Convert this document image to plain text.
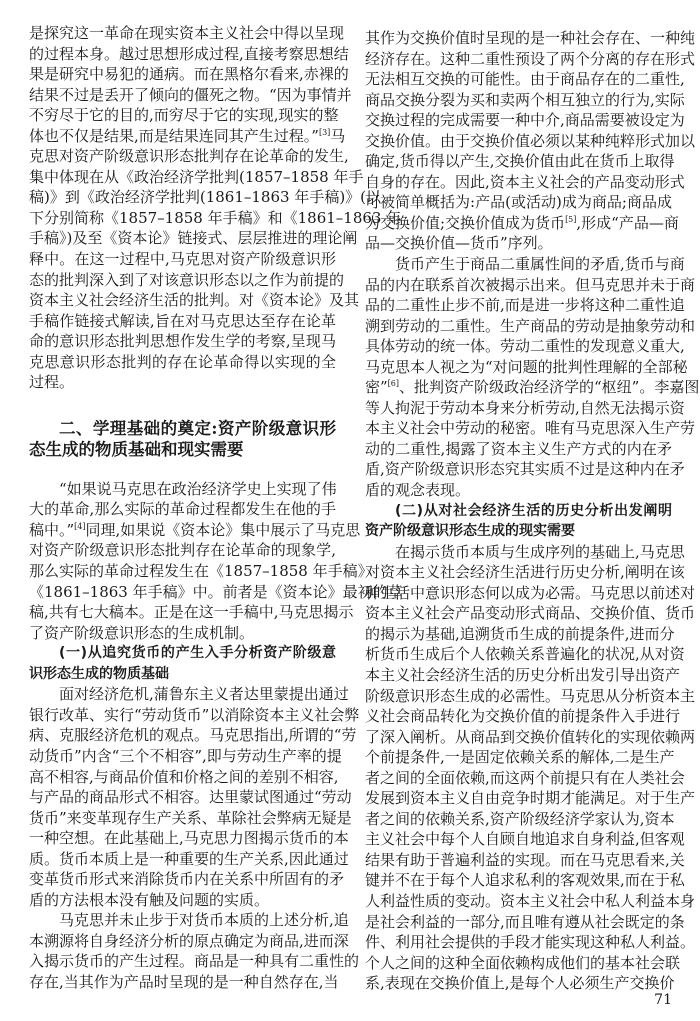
是探究这一革命在现实资本主义社会中得以呈现
的过程本身。越过思想形成过程,直接考察思想结
果是研究中易犯的通病。而在黑格尔看来,赤裸的
结果不过是丢开了倾向的僵死之物。“因为事情并
不穷尽于它的目的,而穷尽于它的实现,现实的整
体也不仅是结果,而是结果连同其产生过程。”[3]马
克思对资产阶级意识形态批判存在论革命的发生,
集中体现在从《政治经济学批判(1857–1858 年手
稿)》到《政治经济学批判(1861–1863 年手稿)》(以
下分别简称《1857–1858 年手稿》和《1861–1863 年
手稿》)及至《资本论》链接式、层层推进的理论阐
释中。在这一过程中,马克思对资产阶级意识形
态的批判深入到了对该意识形态以之作为前提的
资本主义社会经济生活的批判。对《资本论》及其
手稿作链接式解读,旨在对马克思达至存在论革
命的意识形态批判思想作发生学的考察,呈现马
克思意识形态批判的存在论革命得以实现的全
过程。
二、学理基础的奠定:资产阶级意识形
态生成的物质基础和现实需要
“如果说马克思在政治经济学史上实现了伟
大的革命,那么实际的革命过程都发生在他的手
稿中。”[4]同理,如果说《资本论》集中展示了马克思
对资产阶级意识形态批判存在论革命的现象学,
那么实际的革命过程发生在《1857–1858 年手稿》
《1861–1863 年手稿》中。前者是《资本论》最初的草
稿,共有七大稿本。正是在这一手稿中,马克思揭示
了资产阶级意识形态的生成机制。
(一)从追究货币的产生入手分析资产阶级意
识形态生成的物质基础
面对经济危机,蒲鲁东主义者达里蒙提出通过
银行改革、实行“劳动货币”以消除资本主义社会弊
病、克服经济危机的观点。马克思指出,所谓的“劳
动货币”内含“三个不相容”,即与劳动生产率的提
高不相容,与商品价值和价格之间的差别不相容,
与产品的商品形式不相容。达里蒙试图通过“劳动
货币”来变革现存生产关系、革除社会弊病无疑是
一种空想。在此基础上,马克思力图揭示货币的本
质。货币本质上是一种重要的生产关系,因此通过
变革货币形式来消除货币内在关系中所固有的矛
盾的方法根本没有触及问题的实质。
马克思并未止步于对货币本质的上述分析,追
本溯源将自身经济分析的原点确定为商品,进而深
入揭示货币的产生过程。商品是一种具有二重性的
存在,当其作为产品时呈现的是一种自然存在,当
其作为交换价值时呈现的是一种社会存在、一种纯
经济存在。这种二重性预设了两个分离的存在形式
无法相互交换的可能性。由于商品存在的二重性,
商品交换分裂为买和卖两个相互独立的行为,实际
交换过程的完成需要一种中介,商品需要被设定为
交换价值。由于交换价值必须以某种纯粹形式加以
确定,货币得以产生,交换价值由此在货币上取得
自身的存在。因此,资本主义社会的产品变动形式
可被简单概括为:产品(或活动)成为商品;商品成
为交换价值;交换价值成为货币[5],形成“产品—商
品—交换价值—货币”序列。
货币产生于商品二重属性间的矛盾,货币与商
品的内在联系首次被揭示出来。但马克思并未于商
品的二重性止步不前,而是进一步将这种二重性追
溯到劳动的二重性。生产商品的劳动是抽象劳动和
具体劳动的统一体。劳动二重性的发现意义重大,
马克思本人视之为“对问题的批判性理解的全部秘
密”[6]、批判资产阶级政治经济学的“枢纽”。李嘉图
等人拘泥于劳动本身来分析劳动,自然无法揭示资
本主义社会中劳动的秘密。唯有马克思深入生产劳
动的二重性,揭露了资本主义生产方式的内在矛
盾,资产阶级意识形态究其实质不过是这种内在矛
盾的观念表现。
(二)从对社会经济生活的历史分析出发阐明
资产阶级意识形态生成的现实需要
在揭示货币本质与生成序列的基础上,马克思
对资本主义社会经济生活进行历史分析,阐明在该
种生活中意识形态何以成为必需。马克思以前述对
资本主义社会产品变动形式商品、交换价值、货币
的揭示为基础,追溯货币生成的前提条件,进而分
析货币生成后个人依赖关系普遍化的状况,从对资
本主义社会经济生活的历史分析出发引导出资产
阶级意识形态生成的必需性。马克思从分析资本主
义社会商品转化为交换价值的前提条件入手进行
了深入阐析。从商品到交换价值转化的实现依赖两
个前提条件,一是固定依赖关系的解体,二是生产
者之间的全面依赖,而这两个前提只有在人类社会
发展到资本主义自由竞争时期才能满足。对于生产
者之间的依赖关系,资产阶级经济学家认为,资本
主义社会中每个人自顾自地追求自身利益,但客观
结果有助于普遍利益的实现。而在马克思看来,关
键并不在于每个人追求私利的客观效果,而在于私
人利益性质的变动。资本主义社会中私人利益本身
是社会利益的一部分,而且唯有遵从社会既定的条
件、利用社会提供的手段才能实现这种私人利益。
个人之间的这种全面依赖构成他们的基本社会联
系,表现在交换价值上,是每个人必须生产交换价
71
